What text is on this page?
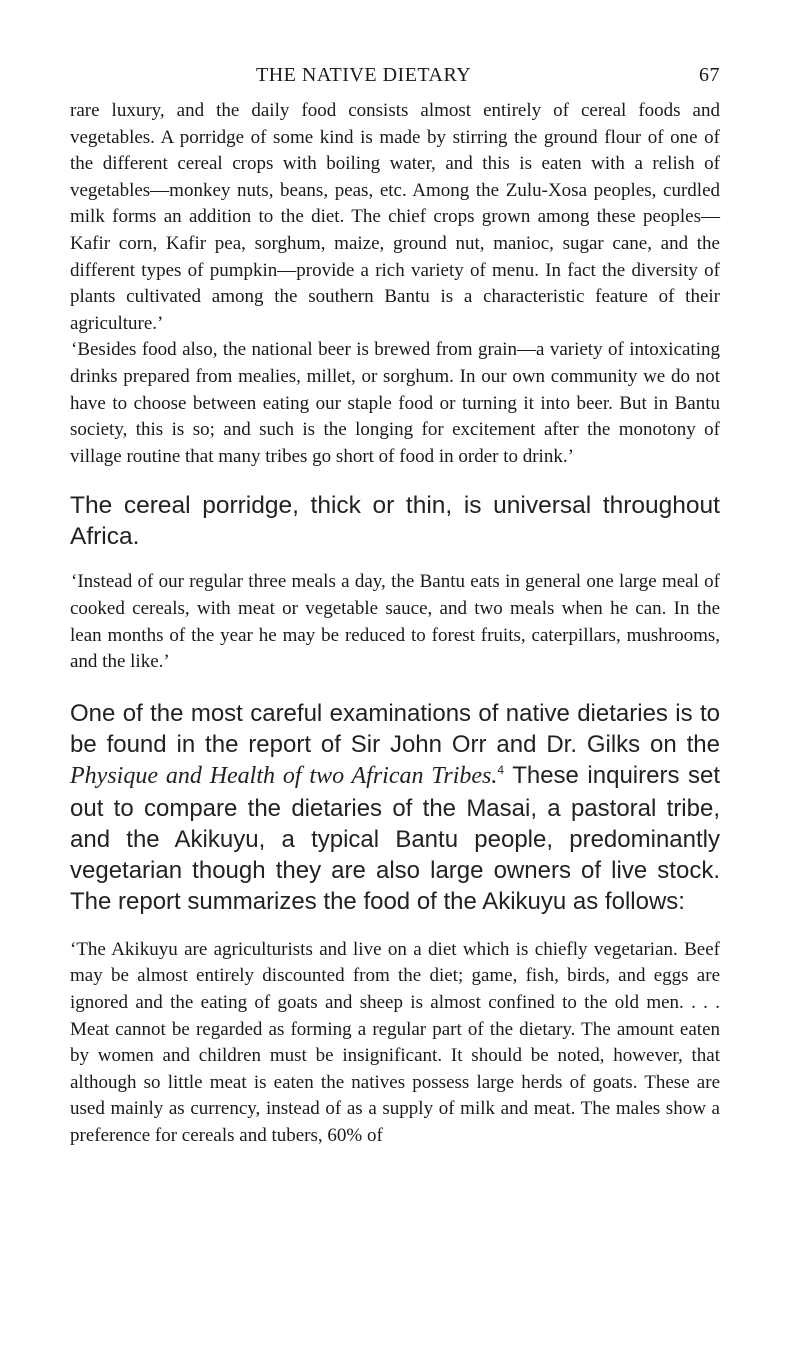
THE NATIVE DIETARY	67

rare luxury, and the daily food consists almost entirely of cereal foods and vegetables. A porridge of some kind is made by stirring the ground flour of one of the different cereal crops with boiling water, and this is eaten with a relish of vegetables—monkey nuts, beans, peas, etc. Among the Zulu-Xosa peoples, curdled milk forms an addition to the diet. The chief crops grown among these peoples—Kafir corn, Kafir pea, sorghum, maize, ground nut, manioc, sugar cane, and the different types of pumpkin—provide a rich variety of menu. In fact the diversity of plants cultivated among the southern Bantu is a characteristic feature of their agriculture.’

‘Besides food also, the national beer is brewed from grain—a variety of intoxicating drinks prepared from mealies, millet, or sorghum. In our own community we do not have to choose between eating our staple food or turning it into beer. But in Bantu society, this is so; and such is the longing for excitement after the monotony of village routine that many tribes go short of food in order to drink.’

The cereal porridge, thick or thin, is universal throughout Africa.

‘Instead of our regular three meals a day, the Bantu eats in general one large meal of cooked cereals, with meat or vegetable sauce, and two meals when he can. In the lean months of the year he may be reduced to forest fruits, caterpillars, mushrooms, and the like.’

One of the most careful examinations of native dietaries is to be found in the report of Sir John Orr and Dr. Gilks on the Physique and Health of two African Tribes.$^4$ These inquirers set out to compare the dietaries of the Masai, a pastoral tribe, and the Akikuyu, a typical Bantu people, predominantly vegetarian though they are also large owners of live stock. The report summarizes the food of the Akikuyu as follows:

‘The Akikuyu are agriculturists and live on a diet which is chiefly vegetarian. Beef may be almost entirely discounted from the diet; game, fish, birds, and eggs are ignored and the eating of goats and sheep is almost confined to the old men. . . . Meat cannot be regarded as forming a regular part of the dietary. The amount eaten by women and children must be insignificant. It should be noted, however, that although so little meat is eaten the natives possess large herds of goats. These are used mainly as currency, instead of as a supply of milk and meat. The males show a preference for cereals and tubers, 60% of
